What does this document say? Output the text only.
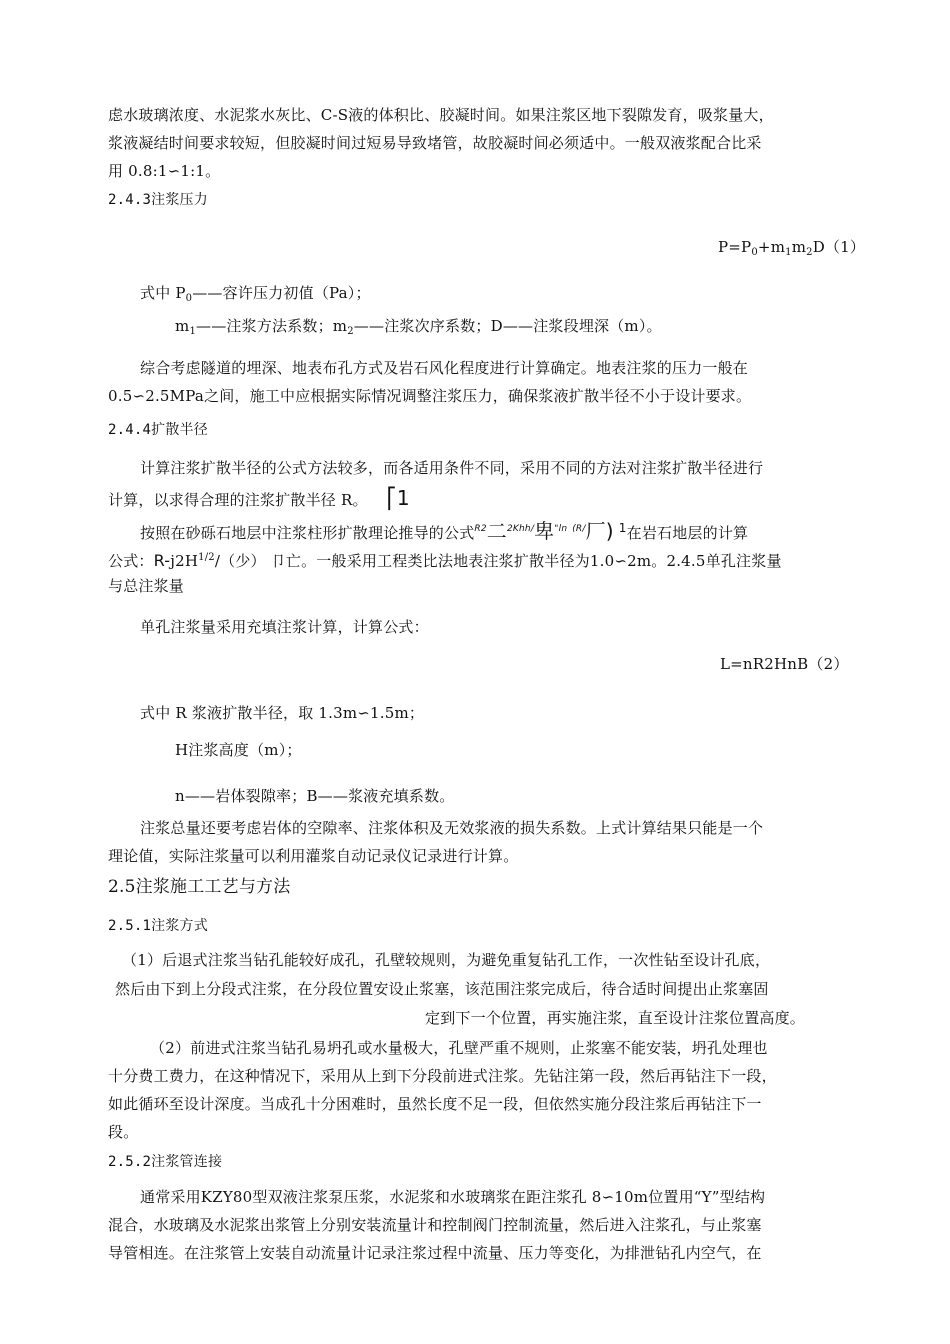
虑水玻璃浓度、水泥浆水灰比、C-S液的体积比、胶凝时间。如果注浆区地下裂隙发育，吸浆量大，
浆液凝结时间要求较短，但胶凝时间过短易导致堵管，故胶凝时间必须适中。一般双液浆配合比采
用 0.8:1∽1:1。
2.4.3注浆压力
$P=P_0+m_1m_2D(1)$
式中 $P_0——$容许压力初值（Pa）；
$m_1——$注浆方法系数；$m_2——$注浆次序系数；D——注浆段埋深（m）。
综合考虑隧道的埋深、地表布孔方式及岩石风化程度进行计算确定。地表注浆的压力一般在
0.5∽2.5MPa之间，施工中应根据实际情况调整注浆压力，确保浆液扩散半径不小于设计要求。
2.4.4扩散半径
计算注浆扩散半径的公式方法较多，而各适用条件不同，采用不同的方法对注浆扩散半径进行
计算，以求得合理的注浆扩散半径 R。 ⎡1
按照在砂砾石地层中注浆柱形扩散理论推导的公式$^{R2}$二$^{2Khh/}$卑$^{"ln}$ $^{(R/}$厂) $^1$在岩石地层的计算
公式：$R-j2H^{1/2}/$（少） 卩亡。一般采用工程类比法地表注浆扩散半径为1.0∽2m。2.4.5单孔注浆量
与总注浆量
单孔注浆量采用充填注浆计算，计算公式：
L=nR2HnB（2）
式中 R 浆液扩散半径，取 1.3m∽1.5m；
H注浆高度（m）；
n——岩体裂隙率；B——浆液充填系数。
注浆总量还要考虑岩体的空隙率、注浆体积及无效浆液的损失系数。上式计算结果只能是一个
理论值，实际注浆量可以利用灌浆自动记录仪记录进行计算。
2.5注浆施工工艺与方法
2.5.1注浆方式
（1）后退式注浆当钻孔能较好成孔，孔壁较规则，为避免重复钻孔工作，一次性钻至设计孔底，
然后由下到上分段式注浆，在分段位置安设止浆塞，该范围注浆完成后，待合适时间提出止浆塞固
定到下一个位置，再实施注浆，直至设计注浆位置高度。
（2）前进式注浆当钻孔易坍孔或水量极大，孔壁严重不规则，止浆塞不能安装，坍孔处理也
十分费工费力，在这种情况下，采用从上到下分段前进式注浆。先钻注第一段，然后再钻注下一段，
如此循环至设计深度。当成孔十分困难时，虽然长度不足一段，但依然实施分段注浆后再钻注下一
段。
2.5.2注浆管连接
通常采用KZY80型双液注浆泵压浆，水泥浆和水玻璃浆在距注浆孔 8∽10m位置用“Y”型结构
混合，水玻璃及水泥浆出浆管上分别安装流量计和控制阀门控制流量，然后进入注浆孔，与止浆塞
导管相连。在注浆管上安装自动流量计记录注浆过程中流量、压力等变化，为排泄钻孔内空气，在
